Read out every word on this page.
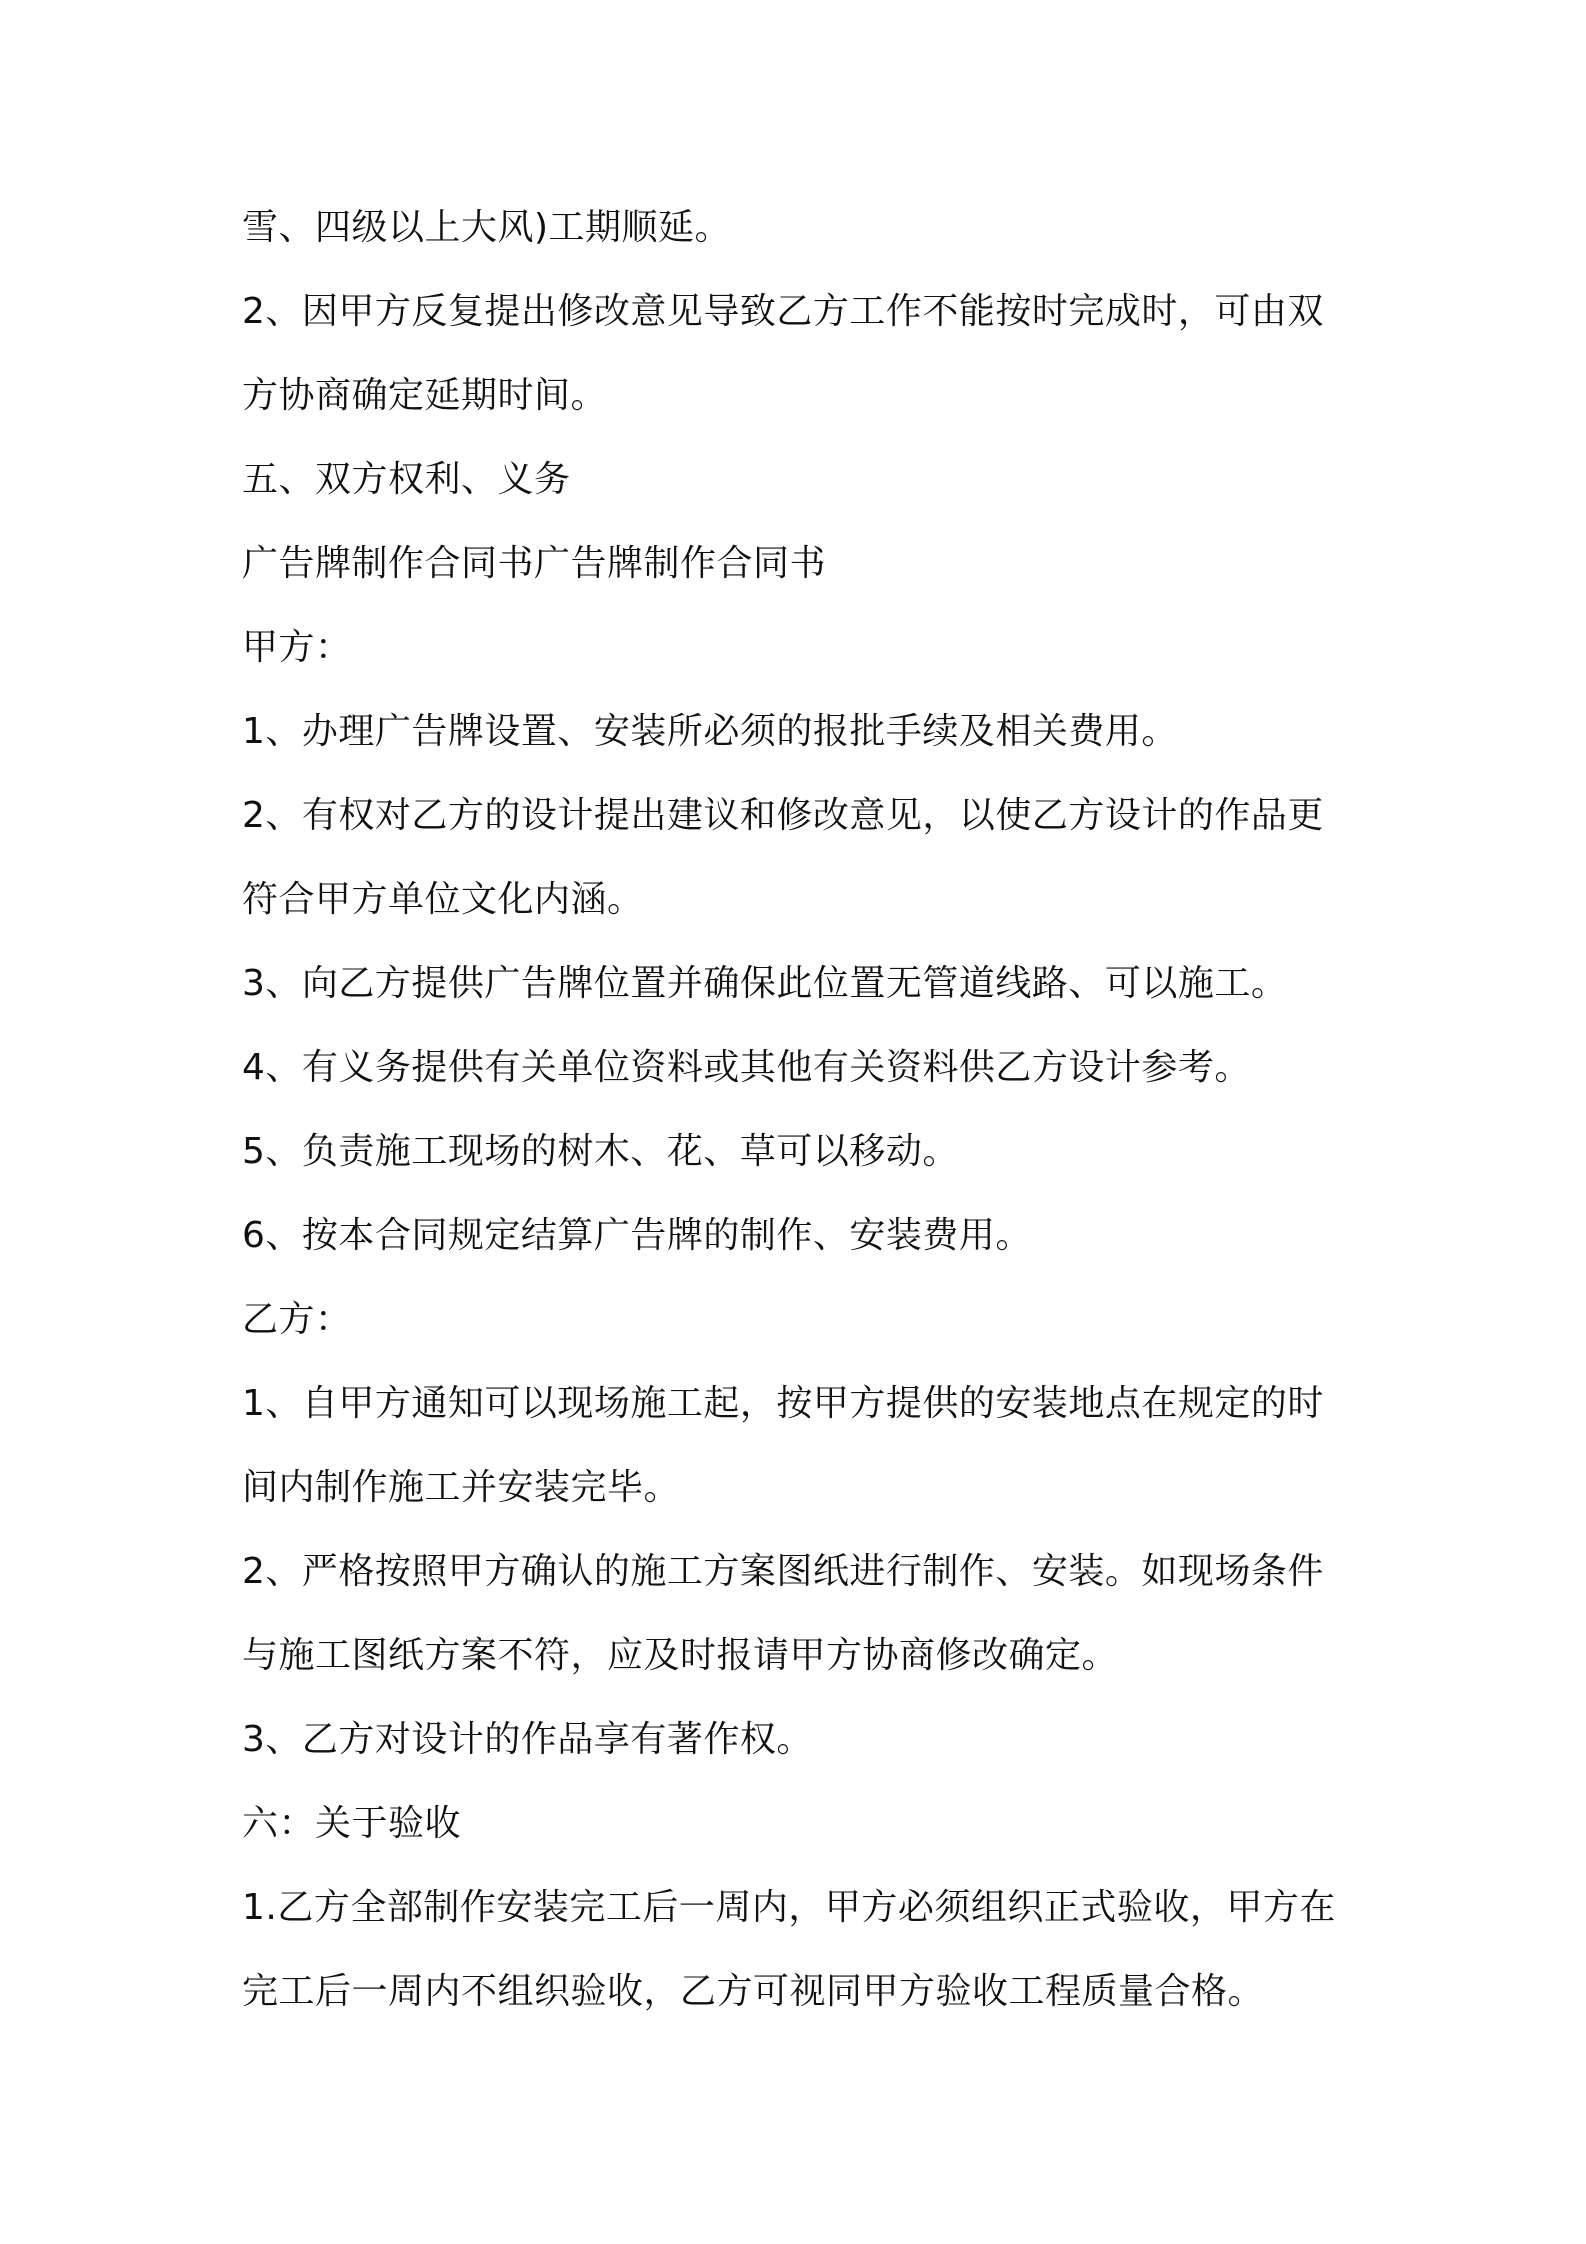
雪、四级以上大风)工期顺延。
2、因甲方反复提出修改意见导致乙方工作不能按时完成时，可由双
方协商确定延期时间。
五、双方权利、义务
广告牌制作合同书广告牌制作合同书
甲方：
1、办理广告牌设置、安装所必须的报批手续及相关费用。
2、有权对乙方的设计提出建议和修改意见，以使乙方设计的作品更
符合甲方单位文化内涵。
3、向乙方提供广告牌位置并确保此位置无管道线路、可以施工。
4、有义务提供有关单位资料或其他有关资料供乙方设计参考。
5、负责施工现场的树木、花、草可以移动。
6、按本合同规定结算广告牌的制作、安装费用。
乙方：
1、自甲方通知可以现场施工起，按甲方提供的安装地点在规定的时
间内制作施工并安装完毕。
2、严格按照甲方确认的施工方案图纸进行制作、安装。如现场条件
与施工图纸方案不符，应及时报请甲方协商修改确定。
3、乙方对设计的作品享有著作权。
六：关于验收
1.乙方全部制作安装完工后一周内，甲方必须组织正式验收，甲方在
完工后一周内不组织验收，乙方可视同甲方验收工程质量合格。
